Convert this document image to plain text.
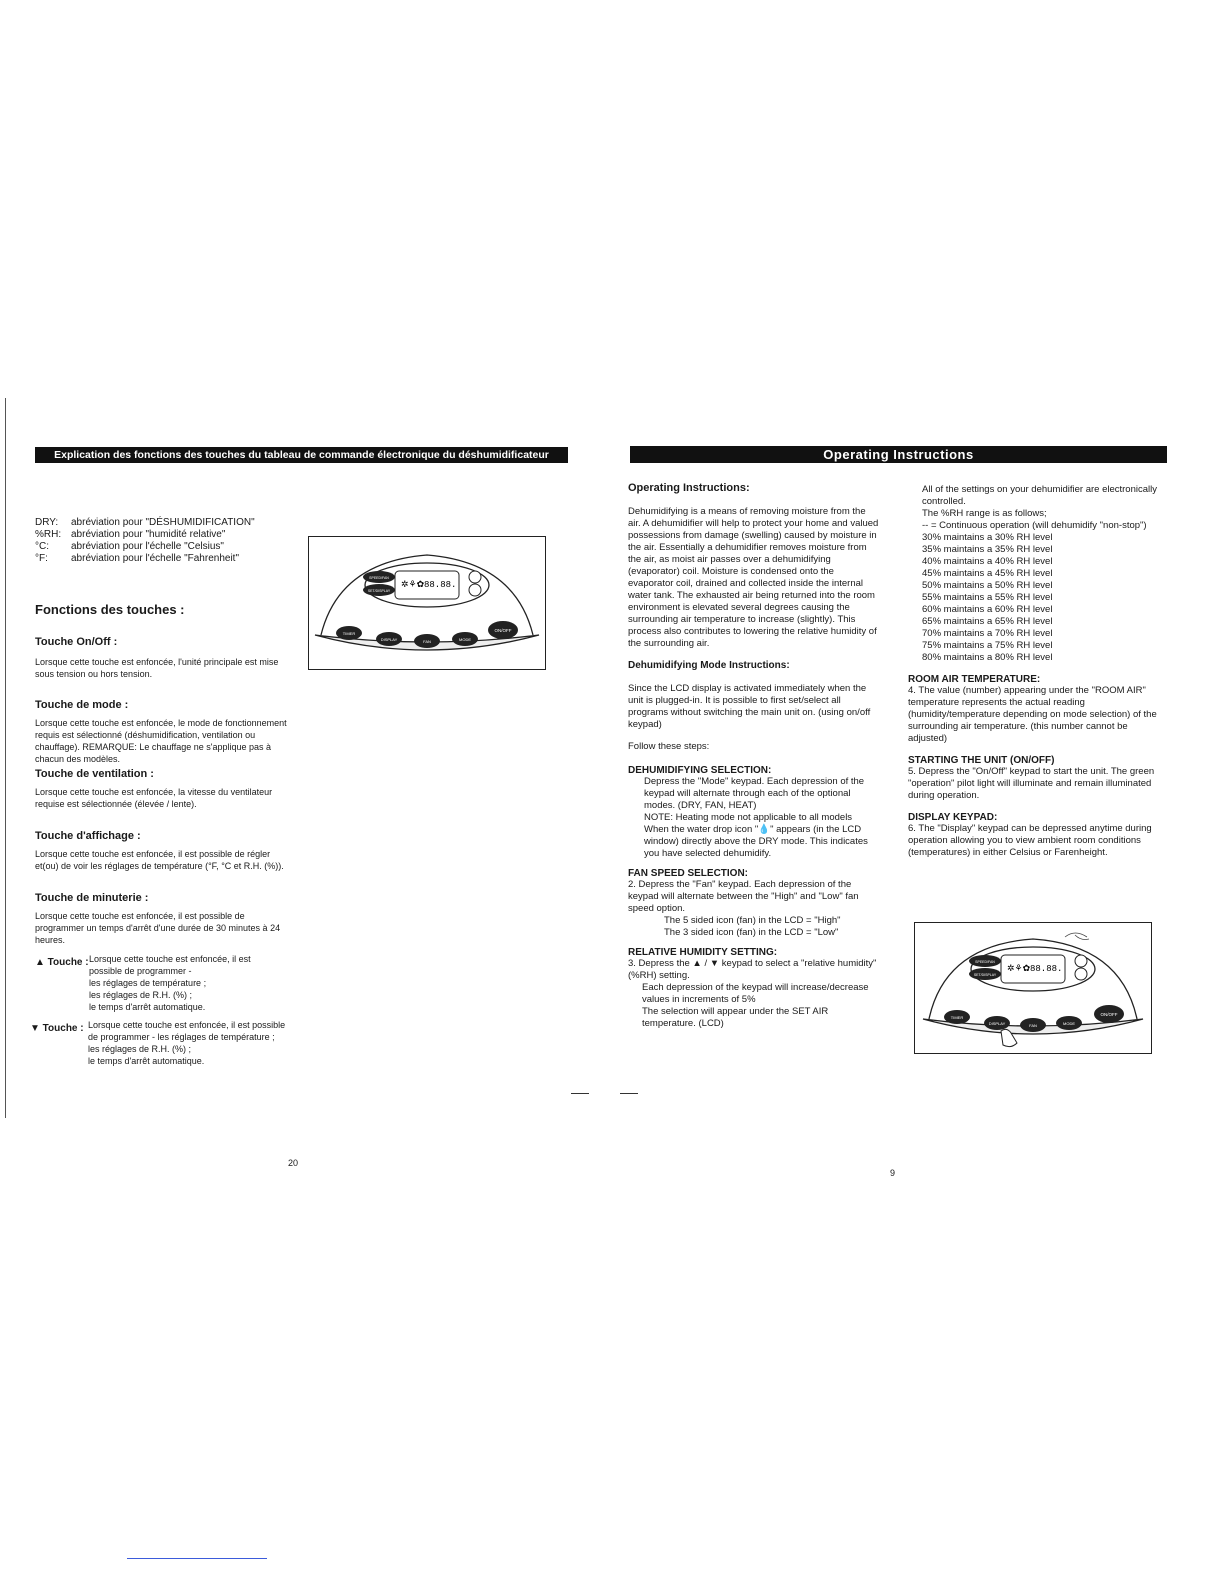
Explication des fonctions des touches du tableau de commande électronique du déshumidificateur
DRY: abréviation pour "DÉSHUMIDIFICATION"
%RH: abréviation pour "humidité relative"
°C: abréviation pour l'échelle "Celsius"
°F: abréviation pour l'échelle "Fahrenheit"
Fonctions des touches :
Touche On/Off :
Lorsque cette touche est enfoncée, l'unité principale est mise sous tension ou hors tension.
Touche de mode :
Lorsque cette touche est enfoncée, le mode de fonctionnement requis est sélectionné (déshumidification, ventilation ou chauffage). REMARQUE: Le chauffage ne s'applique pas à chacun des modèles.
Touche de ventilation :
Lorsque cette touche est enfoncée, la vitesse du ventilateur requise est sélectionnée (élevée / lente).
Touche d'affichage :
Lorsque cette touche est enfoncée, il est possible de régler et(ou) de voir les réglages de température (°F, °C et R.H. (%)).
Touche de minuterie :
Lorsque cette touche est enfoncée, il est possible de programmer un temps d'arrêt d'une durée de 30 minutes à 24 heures.
▲ Touche : Lorsque cette touche est enfoncée, il est
possible de programmer -
les réglages de température ;
les réglages de R.H. (%) ;
le temps d'arrêt automatique.
▼ Touche : Lorsque cette touche est enfoncée, il est possible
de programmer - les réglages de température ;
les réglages de R.H. (%) ;
le temps d'arrêt automatique.
✲⚘✿ 88.88.
SPEED/FAN
SET/DISPLAY
TIMER
DISPLAY	FAN	MODE
ON/OFF
20
Operating Instructions
Operating Instructions:
Dehumidifying is a means of removing moisture from the air. A dehumidifier will help to protect your home and valued possessions from damage (swelling) caused by moisture in the air. Essentially a dehumidifier removes moisture from the air, as moist air passes over a dehumidifying (evaporator) coil. Moisture is condensed onto the evaporator coil, drained and collected inside the internal water tank. The exhausted air being returned into the room environment is elevated several degrees causing the surrounding air temperature to increase (slightly). This process also contributes to lowering the relative humidity of the surrounding air.
Dehumidifying Mode Instructions:
Since the LCD display is activated immediately when the unit is plugged-in. It is possible to first set/select all programs without switching the main unit on. (using on/off keypad)
Follow these steps:
DEHUMIDIFYING SELECTION:
Depress the "Mode" keypad. Each depression of the keypad will alternate through each of the optional modes. (DRY, FAN, HEAT)
NOTE: Heating mode not applicable to all models
When the water drop icon "💧" appears (in the LCD window) directly above the DRY mode. This indicates you have selected dehumidify.
FAN SPEED SELECTION:
2. Depress the "Fan" keypad. Each depression of the keypad will alternate between the "High" and "Low" fan speed option.
The 5 sided icon (fan) in the LCD = "High"
The 3 sided icon (fan) in the LCD = "Low"
RELATIVE HUMIDITY SETTING:
3. Depress the ▲ / ▼ keypad to select a "relative humidity" (%RH) setting.
Each depression of the keypad will increase/decrease values in increments of 5%
The selection will appear under the SET AIR temperature. (LCD)
All of the settings on your dehumidifier are electronically controlled.
The %RH range is as follows;
-- = Continuous operation (will dehumidify "non-stop")
30% maintains a 30% RH level
35% maintains a 35% RH level
40% maintains a 40% RH level
45% maintains a 45% RH level
50% maintains a 50% RH level
55% maintains a 55% RH level
60% maintains a 60% RH level
65% maintains a 65% RH level
70% maintains a 70% RH level
75% maintains a 75% RH level
80% maintains a 80% RH level
ROOM AIR TEMPERATURE:
4. The value (number) appearing under the "ROOM AIR" temperature represents the actual reading (humidity/temperature depending on mode selection) of the surrounding air temperature. (this number cannot be adjusted)
STARTING THE UNIT (ON/OFF)
5. Depress the "On/Off" keypad to start the unit. The green "operation" pilot light will illuminate and remain illuminated during operation.
DISPLAY KEYPAD:
6. The "Display" keypad can be depressed anytime during operation allowing you to view ambient room conditions (temperatures) in either Celsius or Farenheight.
✲⚘✿ 88.88.
SPEED/FAN
SET/DISPLAY
TIMER
DISPLAY	FAN	MODE
ON/OFF
9
